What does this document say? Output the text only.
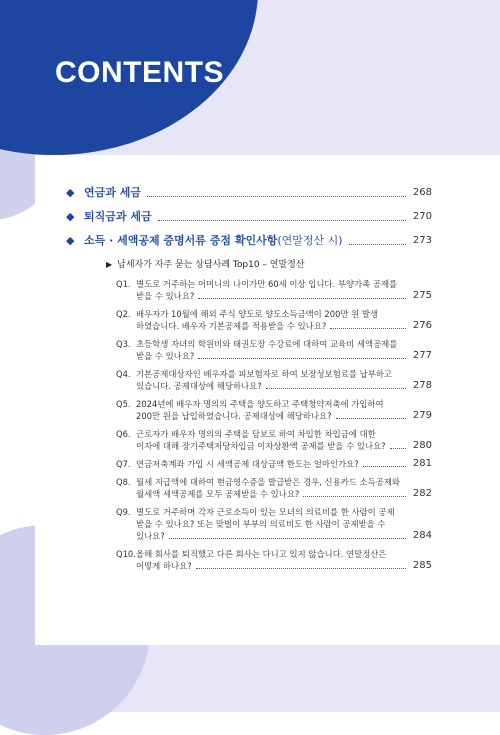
CONTENTS
◆ 연금과 세금	268
◆ 퇴직금과 세금	270
◆ 소득 · 세액공제 증명서류 증점 확인사항(연말정산 시)	273
▶ 납세자가 자주 묻는 상담사례 Top10 – 연말정산
Q1. 별도로 거주하는 어머니의 나이가만 60세 이상 입니다. 부양가족 공제를
받을 수 있나요?	275
Q2. 배우자가 10월에 해외 주식 양도로 양도소득금액이 200만 원 발생
하였습니다. 배우자 기본공제를 적용받을 수 있나요?	276
Q3. 초등학생 자녀의 학원비와 태권도장 수강료에 대하여 교육비 세액공제를
받을 수 있나요?	277
Q4. 기본공제대상자인 배우자를 피보험자로 하여 보장성보험료를 납부하고
있습니다. 공제대상에 해당하나요?	278
Q5. 2024년에 배우자 명의의 주택을 양도하고 주택청약저축에 가입하여
200만 원을 납입하였습니다. 공제대상에 해당하나요?	279
Q6. 근로자가 배우자 명의의 주택을 담보로 하여 차입한 차입금에 대한
이자에 대해 장기주택저당차입금 이자상환액 공제를 받을 수 있나요?	280
Q7. 연금저축계좌 가입 시 세액공제 대상금액 한도는 얼마인가요?	281
Q8. 월세 지급액에 대하여 현금영수증을 발급받은 경우, 신용카드 소득공제와
월세액 세액공제를 모두 공제받을 수 있나요?	282
Q9. 별도로 거주하며 각자 근로소득이 있는 모녀의 의료비를 한 사람이 공제
받을 수 있나요? 또는 맞벌이 부부의 의료비도 한 사람이 공제받을 수
있나요?	284
Q10. 올해 회사를 퇴직했고 다른 회사는 다니고 있지 않습니다. 연말정산은
어떻게 하나요?	285
